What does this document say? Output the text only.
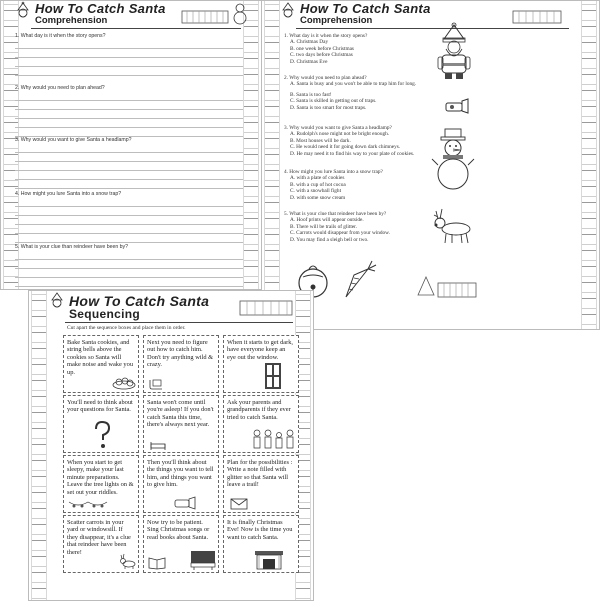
How To Catch Santa
Comprehension
1. What day is it when the story opens?
2. Why would you need to plan ahead?
3. Why would you want to give Santa a headlamp?
4. How might you lure Santa into a snow trap?
5. What is your clue than reindeer have been by?
How To Catch Santa
Comprehension
1. What day is it when the story opens?
A. Christmas Day
B. one week before Christmas
C. two days before Christmas
D. Christmas Eve
2. Why would you need to plan ahead?
A. Santa is busy and you won't be able to trap him for long.
B. Santa is too fast!
C. Santa is skilled in getting out of traps.
D. Santa is too smart for most traps.
3. Why would you want to give Santa a headlamp?
A. Rudolph's nose might not be bright enough.
B. Most houses will be dark.
C. He would need it for going down dark chimneys.
D. He may need it to find his way to your plate of cookies.
4. How might you lure Santa into a snow trap?
A. with a plate of cookies
B. with a cup of hot cocoa
C. with a snowball fight
D. with some snow cream
5. What is your clue that reindeer have been by?
A. Hoof prints will appear outside.
B. There will be trails of glitter.
C. Carrots would disappear from your window.
D. You may find a sleigh bell or two.
How To Catch Santa
Sequencing
Cut apart the sequence boxes and place them in order.
Bake Santa cookies, and string bells above the cookies so Santa will make noise and wake you up.
Next you need to figure out how to catch him. Don't try anything wild & crazy.
When it starts to get dark, have everyone keep an eye out the window.
You'll need to think about your questions for Santa.
Santa won't come until you're asleep! If you don't catch Santa this time, there's always next year.
Ask your parents and grandparents if they ever tried to catch Santa.
When you start to get sleepy, make your last minute preparations. Leave the tree lights on & set out your riddles.
Then you'll think about the things you want to tell him, and things you want to give him.
Plan for the possibilities : Write a note filled with glitter so that Santa will leave a trail!
Scatter carrots in your yard or windowsill. If they disappear, it's a clue that reindeer have been there!
Now try to be patient. Sing Christmas songs or read books about Santa.
It is finally Christmas Eve! Now is the time you want to catch Santa.
